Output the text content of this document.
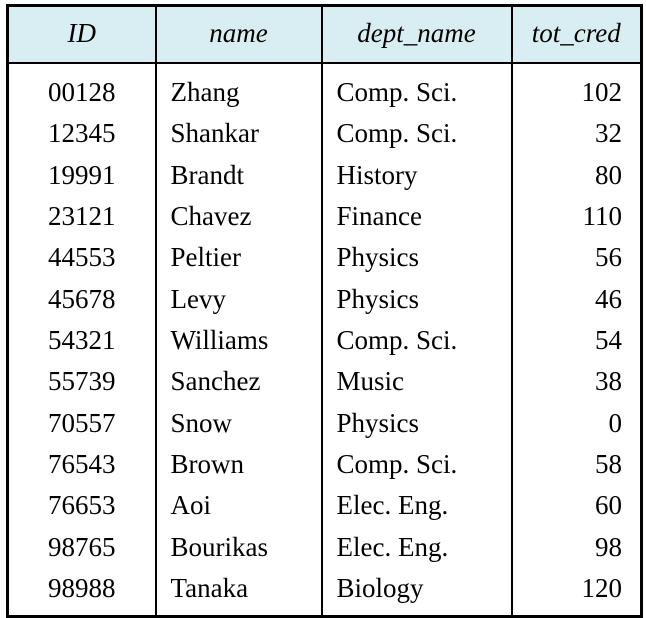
ID	name	dept_name	tot_cred
00128	Zhang	Comp. Sci.	102
12345	Shankar	Comp. Sci.	32
19991	Brandt	History	80
23121	Chavez	Finance	110
44553	Peltier	Physics	56
45678	Levy	Physics	46
54321	Williams	Comp. Sci.	54
55739	Sanchez	Music	38
70557	Snow	Physics	0
76543	Brown	Comp. Sci.	58
76653	Aoi	Elec. Eng.	60
98765	Bourikas	Elec. Eng.	98
98988	Tanaka	Biology	120
